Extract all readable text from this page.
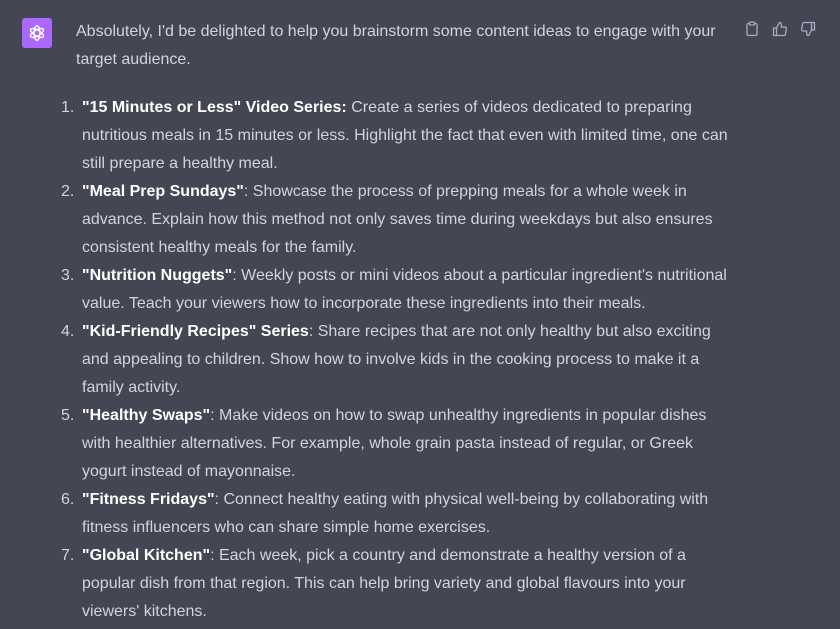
Absolutely, I'd be delighted to help you brainstorm some content ideas to engage with your target audience.

1. "15 Minutes or Less" Video Series: Create a series of videos dedicated to preparing nutritious meals in 15 minutes or less. Highlight the fact that even with limited time, one can still prepare a healthy meal.
2. "Meal Prep Sundays": Showcase the process of prepping meals for a whole week in advance. Explain how this method not only saves time during weekdays but also ensures consistent healthy meals for the family.
3. "Nutrition Nuggets": Weekly posts or mini videos about a particular ingredient's nutritional value. Teach your viewers how to incorporate these ingredients into their meals.
4. "Kid-Friendly Recipes" Series: Share recipes that are not only healthy but also exciting and appealing to children. Show how to involve kids in the cooking process to make it a family activity.
5. "Healthy Swaps": Make videos on how to swap unhealthy ingredients in popular dishes with healthier alternatives. For example, whole grain pasta instead of regular, or Greek yogurt instead of mayonnaise.
6. "Fitness Fridays": Connect healthy eating with physical well-being by collaborating with fitness influencers who can share simple home exercises.
7. "Global Kitchen": Each week, pick a country and demonstrate a healthy version of a popular dish from that region. This can help bring variety and global flavours into your viewers' kitchens.
